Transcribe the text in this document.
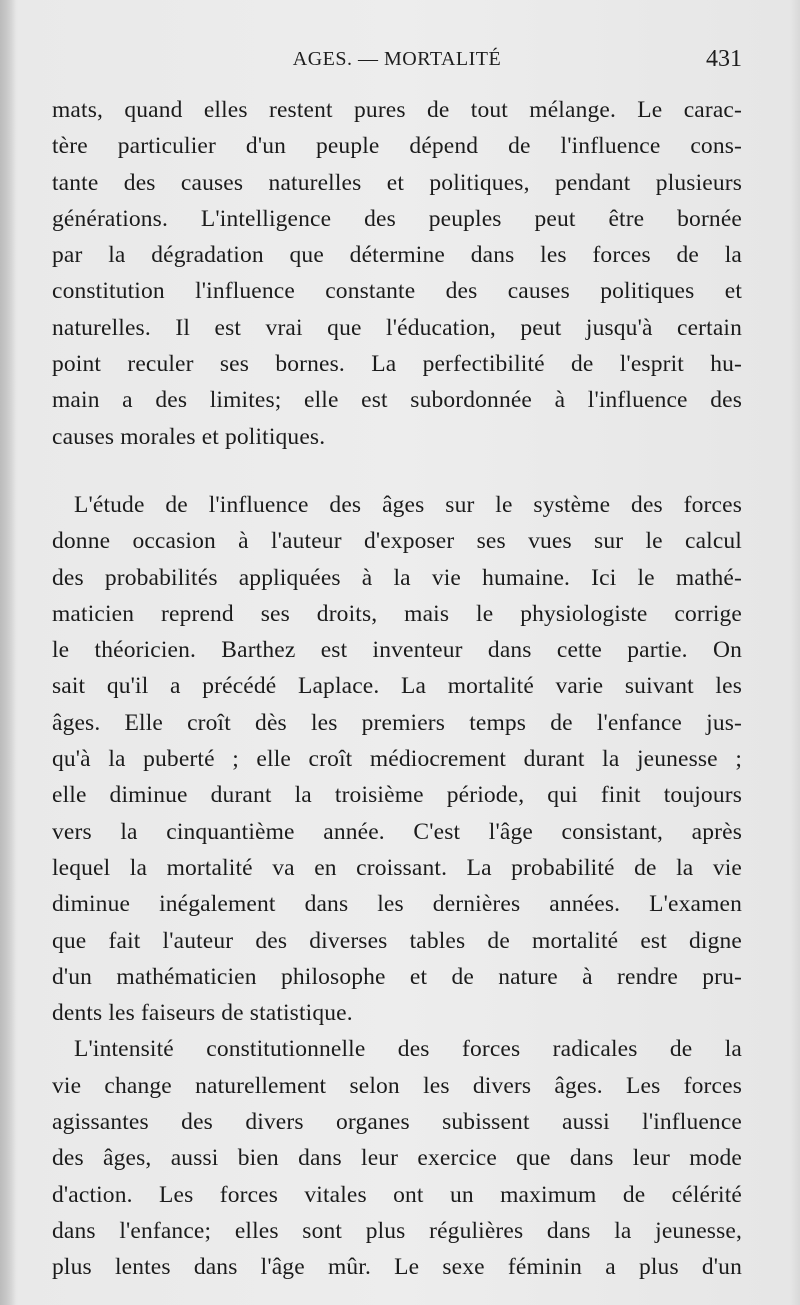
AGES. — MORTALITÉ	431
mats, quand elles restent pures de tout mélange. Le carac-
tère particulier d'un peuple dépend de l'influence cons-
tante des causes naturelles et politiques, pendant plusieurs
générations. L'intelligence des peuples peut être bornée
par la dégradation que détermine dans les forces de la
constitution l'influence constante des causes politiques et
naturelles. Il est vrai que l'éducation, peut jusqu'à certain
point reculer ses bornes. La perfectibilité de l'esprit hu-
main a des limites; elle est subordonnée à l'influence des
causes morales et politiques.
L'étude de l'influence des âges sur le système des forces
donne occasion à l'auteur d'exposer ses vues sur le calcul
des probabilités appliquées à la vie humaine. Ici le mathé-
maticien reprend ses droits, mais le physiologiste corrige
le théoricien. Barthez est inventeur dans cette partie. On
sait qu'il a précédé Laplace. La mortalité varie suivant les
âges. Elle croît dès les premiers temps de l'enfance jus-
qu'à la puberté ; elle croît médiocrement durant la jeunesse ;
elle diminue durant la troisième période, qui finit toujours
vers la cinquantième année. C'est l'âge consistant, après
lequel la mortalité va en croissant. La probabilité de la vie
diminue inégalement dans les dernières années. L'examen
que fait l'auteur des diverses tables de mortalité est digne
d'un mathématicien philosophe et de nature à rendre pru-
dents les faiseurs de statistique.
L'intensité constitutionnelle des forces radicales de la
vie change naturellement selon les divers âges. Les forces
agissantes des divers organes subissent aussi l'influence
des âges, aussi bien dans leur exercice que dans leur mode
d'action. Les forces vitales ont un maximum de célérité
dans l'enfance; elles sont plus régulières dans la jeunesse,
plus lentes dans l'âge mûr. Le sexe féminin a plus d'un
